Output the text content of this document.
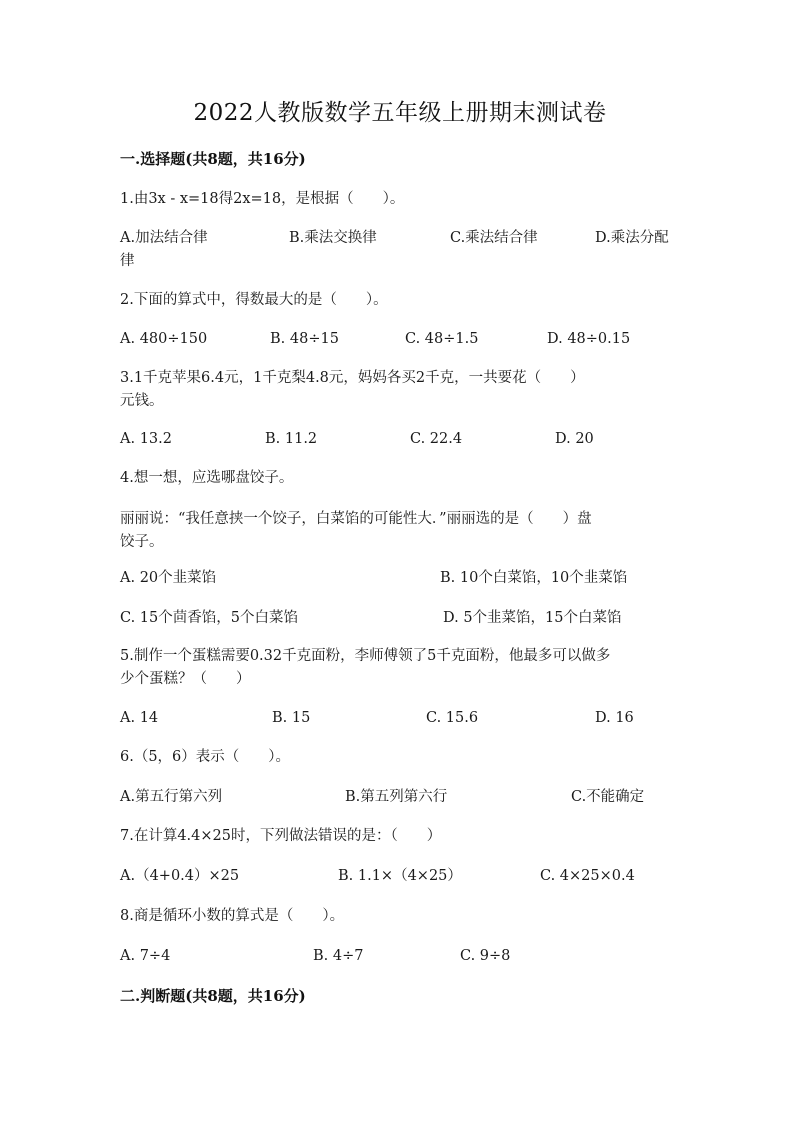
2022人教版数学五年级上册期末测试卷
一.选择题(共8题，共16分)
1.由3x - x=18得2x=18，是根据（　　）。
A.加法结合律	B.乘法交换律	C.乘法结合律	D.乘法分配
律
2.下面的算式中，得数最大的是（　　）。
A. 480÷150	B. 48÷15	C. 48÷1.5	D. 48÷0.15
3.1千克苹果6.4元，1千克梨4.8元，妈妈各买2千克，一共要花（　　）
元钱。
A. 13.2	B. 11.2	C. 22.4	D. 20
4.想一想，应选哪盘饺子。
丽丽说：“我任意挟一个饺子，白菜馅的可能性大．”丽丽选的是（　　）盘
饺子。
A. 20个韭菜馅	B. 10个白菜馅，10个韭菜馅
C. 15个茴香馅，5个白菜馅	D. 5个韭菜馅，15个白菜馅
5.制作一个蛋糕需要0.32千克面粉，李师傅领了5千克面粉，他最多可以做多
少个蛋糕？（　　）
A. 14	B. 15	C. 15.6	D. 16
6.（5，6）表示（　　）。
A.第五行第六列	B.第五列第六行	C.不能确定
7.在计算4.4×25时，下列做法错误的是：（　　）
A.（4+0.4）×25	B. 1.1×（4×25）	C. 4×25×0.4
8.商是循环小数的算式是（　　）。
A. 7÷4	B. 4÷7	C. 9÷8
二.判断题(共8题，共16分)
